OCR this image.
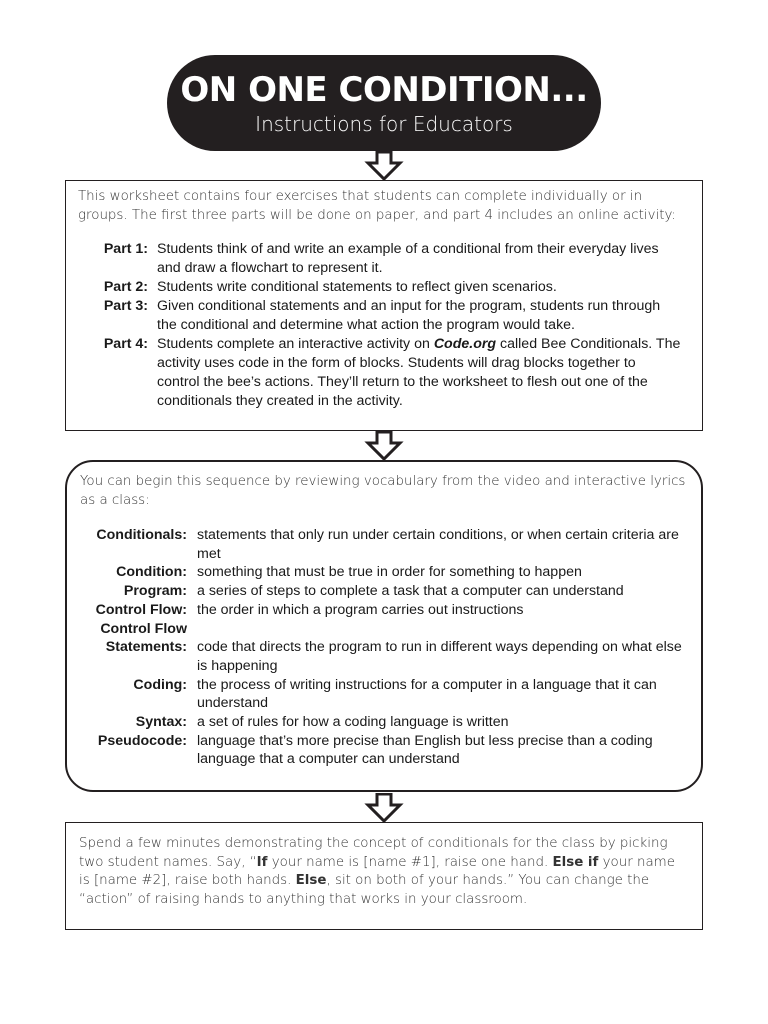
ON ONE CONDITION...
Instructions for Educators
This worksheet contains four exercises that students can complete individually or in groups. The first three parts will be done on paper, and part 4 includes an online activity:
Part 1: Students think of and write an example of a conditional from their everyday lives and draw a flowchart to represent it.
Part 2: Students write conditional statements to reflect given scenarios.
Part 3: Given conditional statements and an input for the program, students run through the conditional and determine what action the program would take.
Part 4: Students complete an interactive activity on Code.org called Bee Conditionals. The activity uses code in the form of blocks. Students will drag blocks together to control the bee’s actions. They’ll return to the worksheet to flesh out one of the conditionals they created in the activity.
You can begin this sequence by reviewing vocabulary from the video and interactive lyrics as a class:
Conditionals: statements that only run under certain conditions, or when certain criteria are met
Condition: something that must be true in order for something to happen
Program: a series of steps to complete a task that a computer can understand
Control Flow: the order in which a program carries out instructions
Control Flow
Statements: code that directs the program to run in different ways depending on what else is happening
Coding: the process of writing instructions for a computer in a language that it can understand
Syntax: a set of rules for how a coding language is written
Pseudocode: language that’s more precise than English but less precise than a coding language that a computer can understand
Spend a few minutes demonstrating the concept of conditionals for the class by picking two student names. Say, “If your name is [name #1], raise one hand. Else if your name is [name #2], raise both hands. Else, sit on both of your hands.” You can change the “action” of raising hands to anything that works in your classroom.
